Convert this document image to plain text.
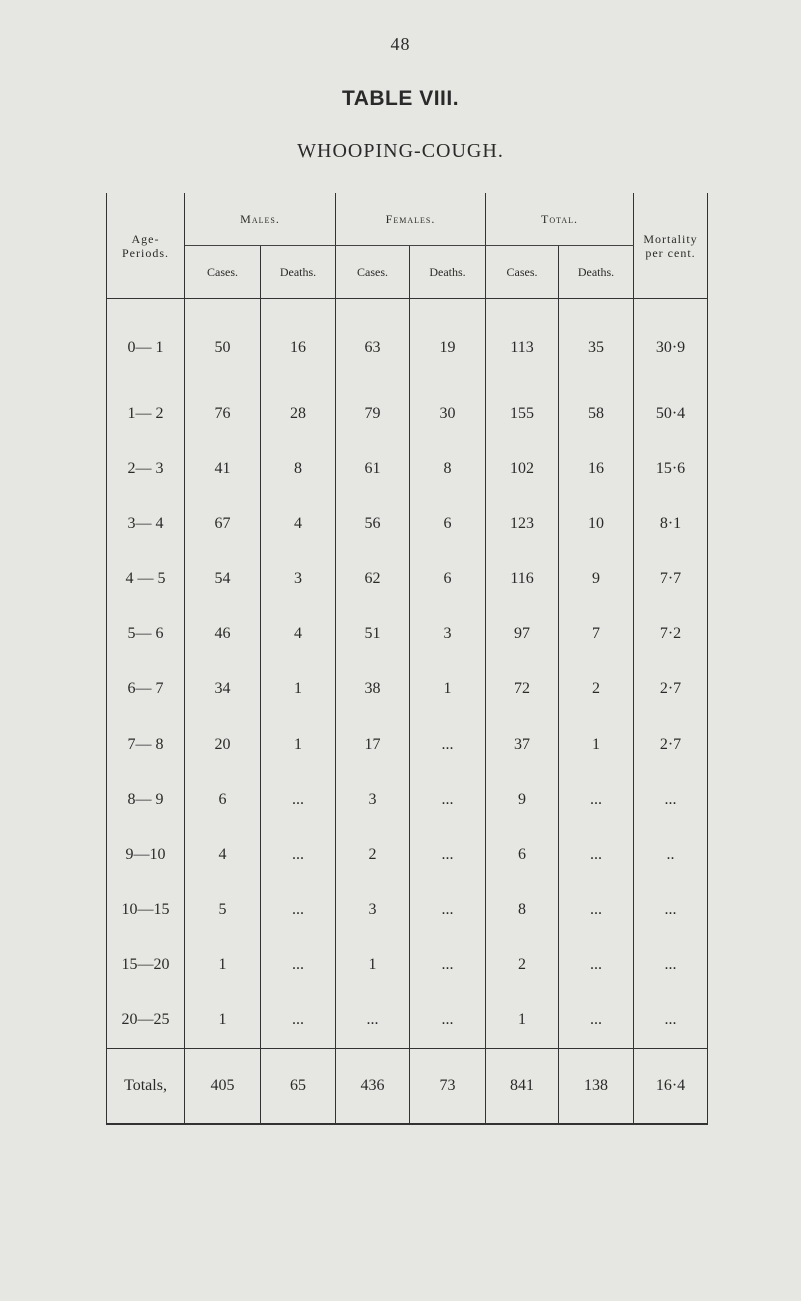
48
TABLE VIII.
WHOOPING-COUGH.
Age-
Periods.	Males.		Females.		Total.		Mortality
per cent.
	Cases.	Deaths.	Cases.	Deaths.	Cases.	Deaths.	
0— 1	50	16	63	19	113	35	30·9
1— 2	76	28	79	30	155	58	50·4
2— 3	41	8	61	8	102	16	15·6
3— 4	67	4	56	6	123	10	8·1
4 — 5	54	3	62	6	116	9	7·7
5— 6	46	4	51	3	97	7	7·2
6— 7	34	1	38	1	72	2	2·7
7— 8	20	1	17	...	37	1	2·7
8— 9	6	...	3	...	9	...	...
9—10	4	...	2	...	6	...	..
10—15	5	...	3	...	8	...	...
15—20	1	...	1	...	2	...	...
20—25	1	...	...	...	1	...	...
Totals,	405	65	436	73	841	138	16·4
